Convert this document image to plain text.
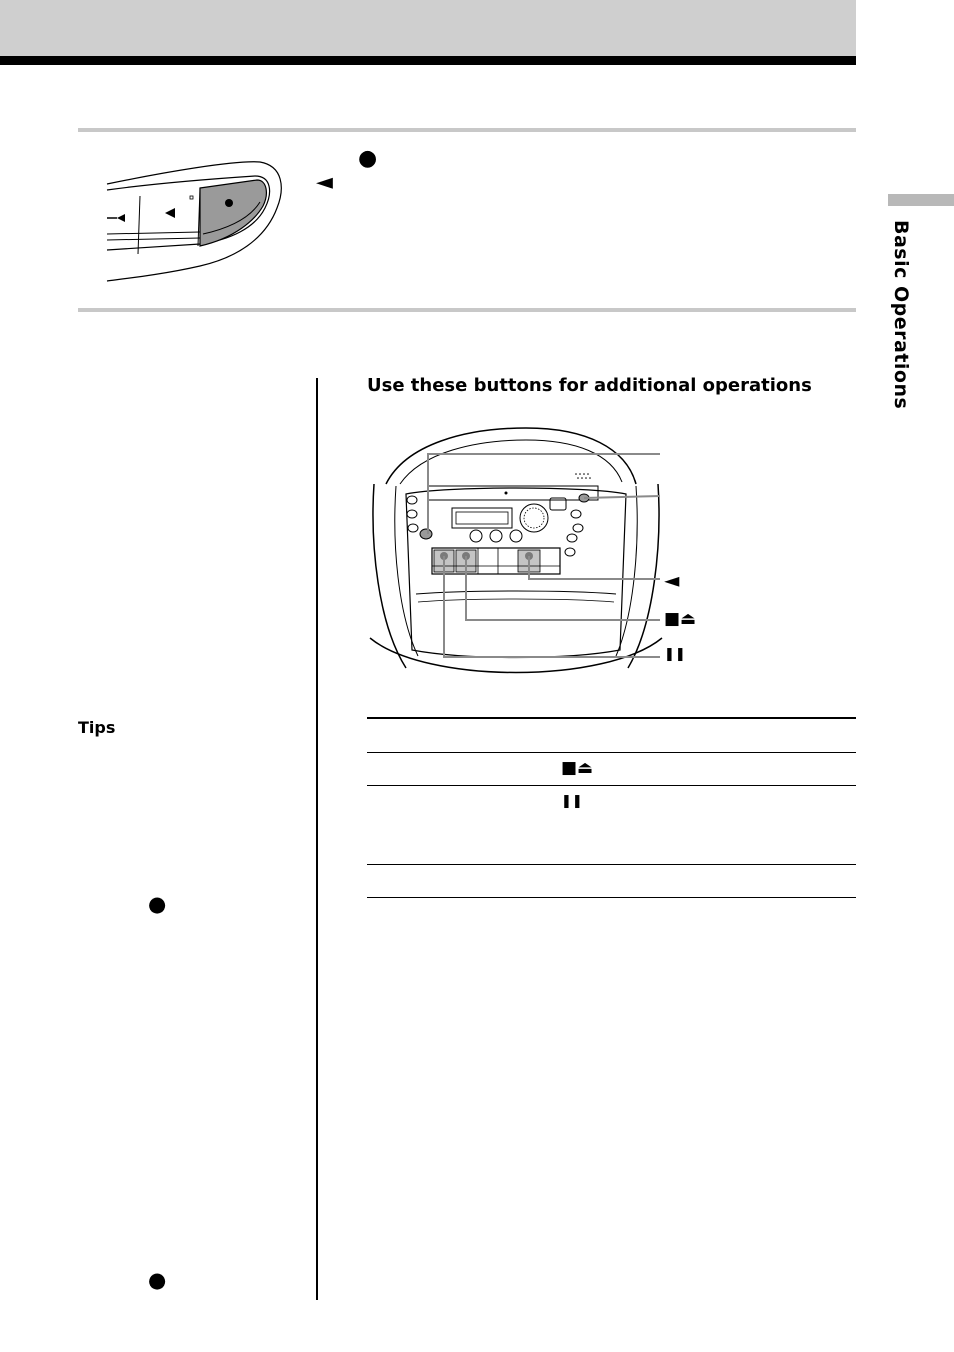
Basic Operations
●
◄
Use these buttons for additional operations
◄
■⏏
❚❚
■⏏
❚❚
Tips
●
●
